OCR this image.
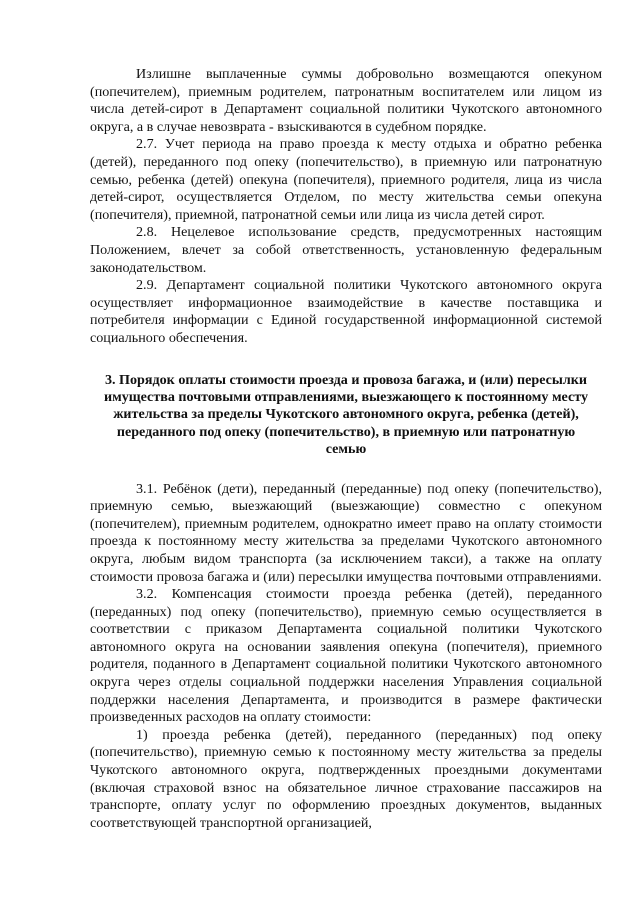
Излишне выплаченные суммы добровольно возмещаются опекуном (попечителем), приемным родителем, патронатным воспитателем или лицом из числа детей-сирот в Департамент социальной политики Чукотского автономного округа, а в случае невозврата - взыскиваются в судебном порядке.

2.7. Учет периода на право проезда к месту отдыха и обратно ребенка (детей), переданного под опеку (попечительство), в приемную или патронатную семью, ребенка (детей) опекуна (попечителя), приемного родителя, лица из числа детей-сирот, осуществляется Отделом, по месту жительства семьи опекуна (попечителя), приемной, патронатной семьи или лица из числа детей сирот.

2.8. Нецелевое использование средств, предусмотренных настоящим Положением, влечет за собой ответственность, установленную федеральным законодательством.

2.9. Департамент социальной политики Чукотского автономного округа осуществляет информационное взаимодействие в качестве поставщика и потребителя информации с Единой государственной информационной системой социального обеспечения.

3. Порядок оплаты стоимости проезда и провоза багажа, и (или) пересылки имущества почтовыми отправлениями, выезжающего к постоянному месту жительства за пределы Чукотского автономного округа, ребенка (детей), переданного под опеку (попечительство), в приемную или патронатную семью

3.1. Ребёнок (дети), переданный (переданные) под опеку (попечительство), приемную семью, выезжающий (выезжающие) совместно с опекуном (попечителем), приемным родителем, однократно имеет право на оплату стоимости проезда к постоянному месту жительства за пределами Чукотского автономного округа, любым видом транспорта (за исключением такси), а также на оплату стоимости провоза багажа и (или) пересылки имущества почтовыми отправлениями.

3.2. Компенсация стоимости проезда ребенка (детей), переданного (переданных) под опеку (попечительство), приемную семью осуществляется в соответствии с приказом Департамента социальной политики Чукотского автономного округа на основании заявления опекуна (попечителя), приемного родителя, поданного в Департамент социальной политики Чукотского автономного округа через отделы социальной поддержки населения Управления социальной поддержки населения Департамента, и производится в размере фактически произведенных расходов на оплату стоимости:

1) проезда ребенка (детей), переданного (переданных) под опеку (попечительство), приемную семью к постоянному месту жительства за пределы Чукотского автономного округа, подтвержденных проездными документами (включая страховой взнос на обязательное личное страхование пассажиров на транспорте, оплату услуг по оформлению проездных документов, выданных соответствующей транспортной организацией,
